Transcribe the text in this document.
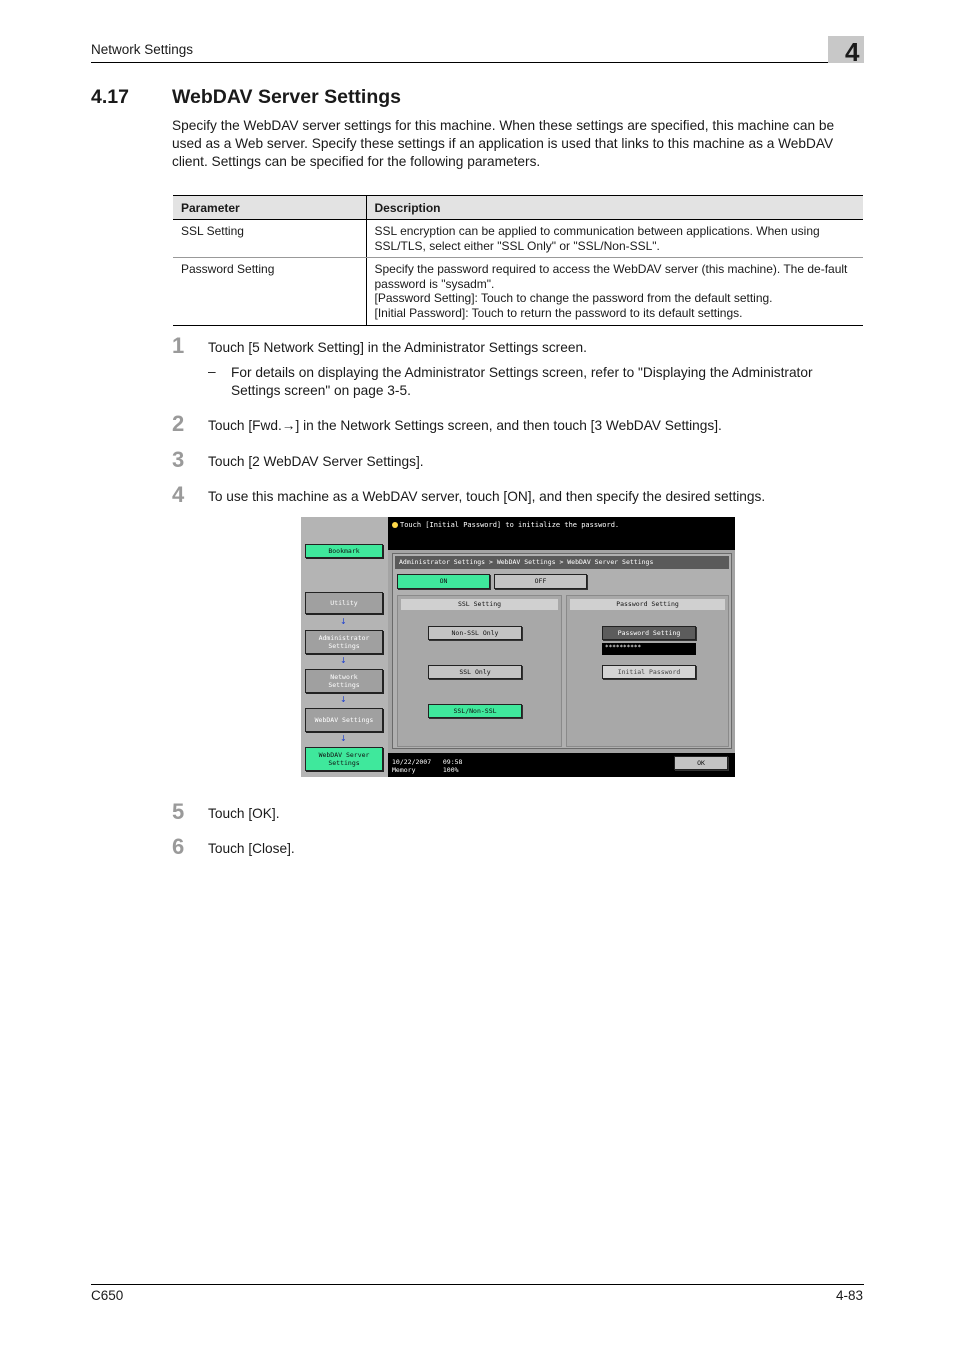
Network Settings	4
4.17 WebDAV Server Settings

Specify the WebDAV server settings for this machine. When these settings are specified, this machine can be used as a Web server. Specify these settings if an application is used that links to this machine as a WebDAV client. Settings can be specified for the following parameters.

Parameter	Description
SSL Setting	SSL encryption can be applied to communication between applications. When using SSL/TLS, select either "SSL Only" or "SSL/Non-SSL".

Password Setting	Specify the password required to access the WebDAV server (this machine). The de-fault password is "sysadm".
[Password Setting]: Touch to change the password from the default setting.
[Initial Password]: Touch to return the password to its default settings.
1 Touch [5 Network Setting] in the Administrator Settings screen.
– For details on displaying the Administrator Settings screen, refer to "Displaying the Administrator Settings screen" on page 3-5.
2 Touch [Fwd.→] in the Network Settings screen, and then touch [3 WebDAV Settings].
3 Touch [2 WebDAV Server Settings].
4 To use this machine as a WebDAV server, touch [ON], and then specify the desired settings.
Bookmark
Utility
↓
Administrator
Settings
↓
Network
Settings
↓
WebDAV Settings
↓
WebDAV Server
Settings
Touch [Initial Password] to initialize the password.
Administrator Settings > WebDAV Settings > WebDAV Server Settings
ON	OFF
SSL Setting
Non-SSL Only
SSL Only
SSL/Non-SSL
Password Setting
Password Setting
**********
Initial Password
10/22/2007 09:58
Memory	100%
OK
5 Touch [OK].
6 Touch [Close].
C650	4-83
